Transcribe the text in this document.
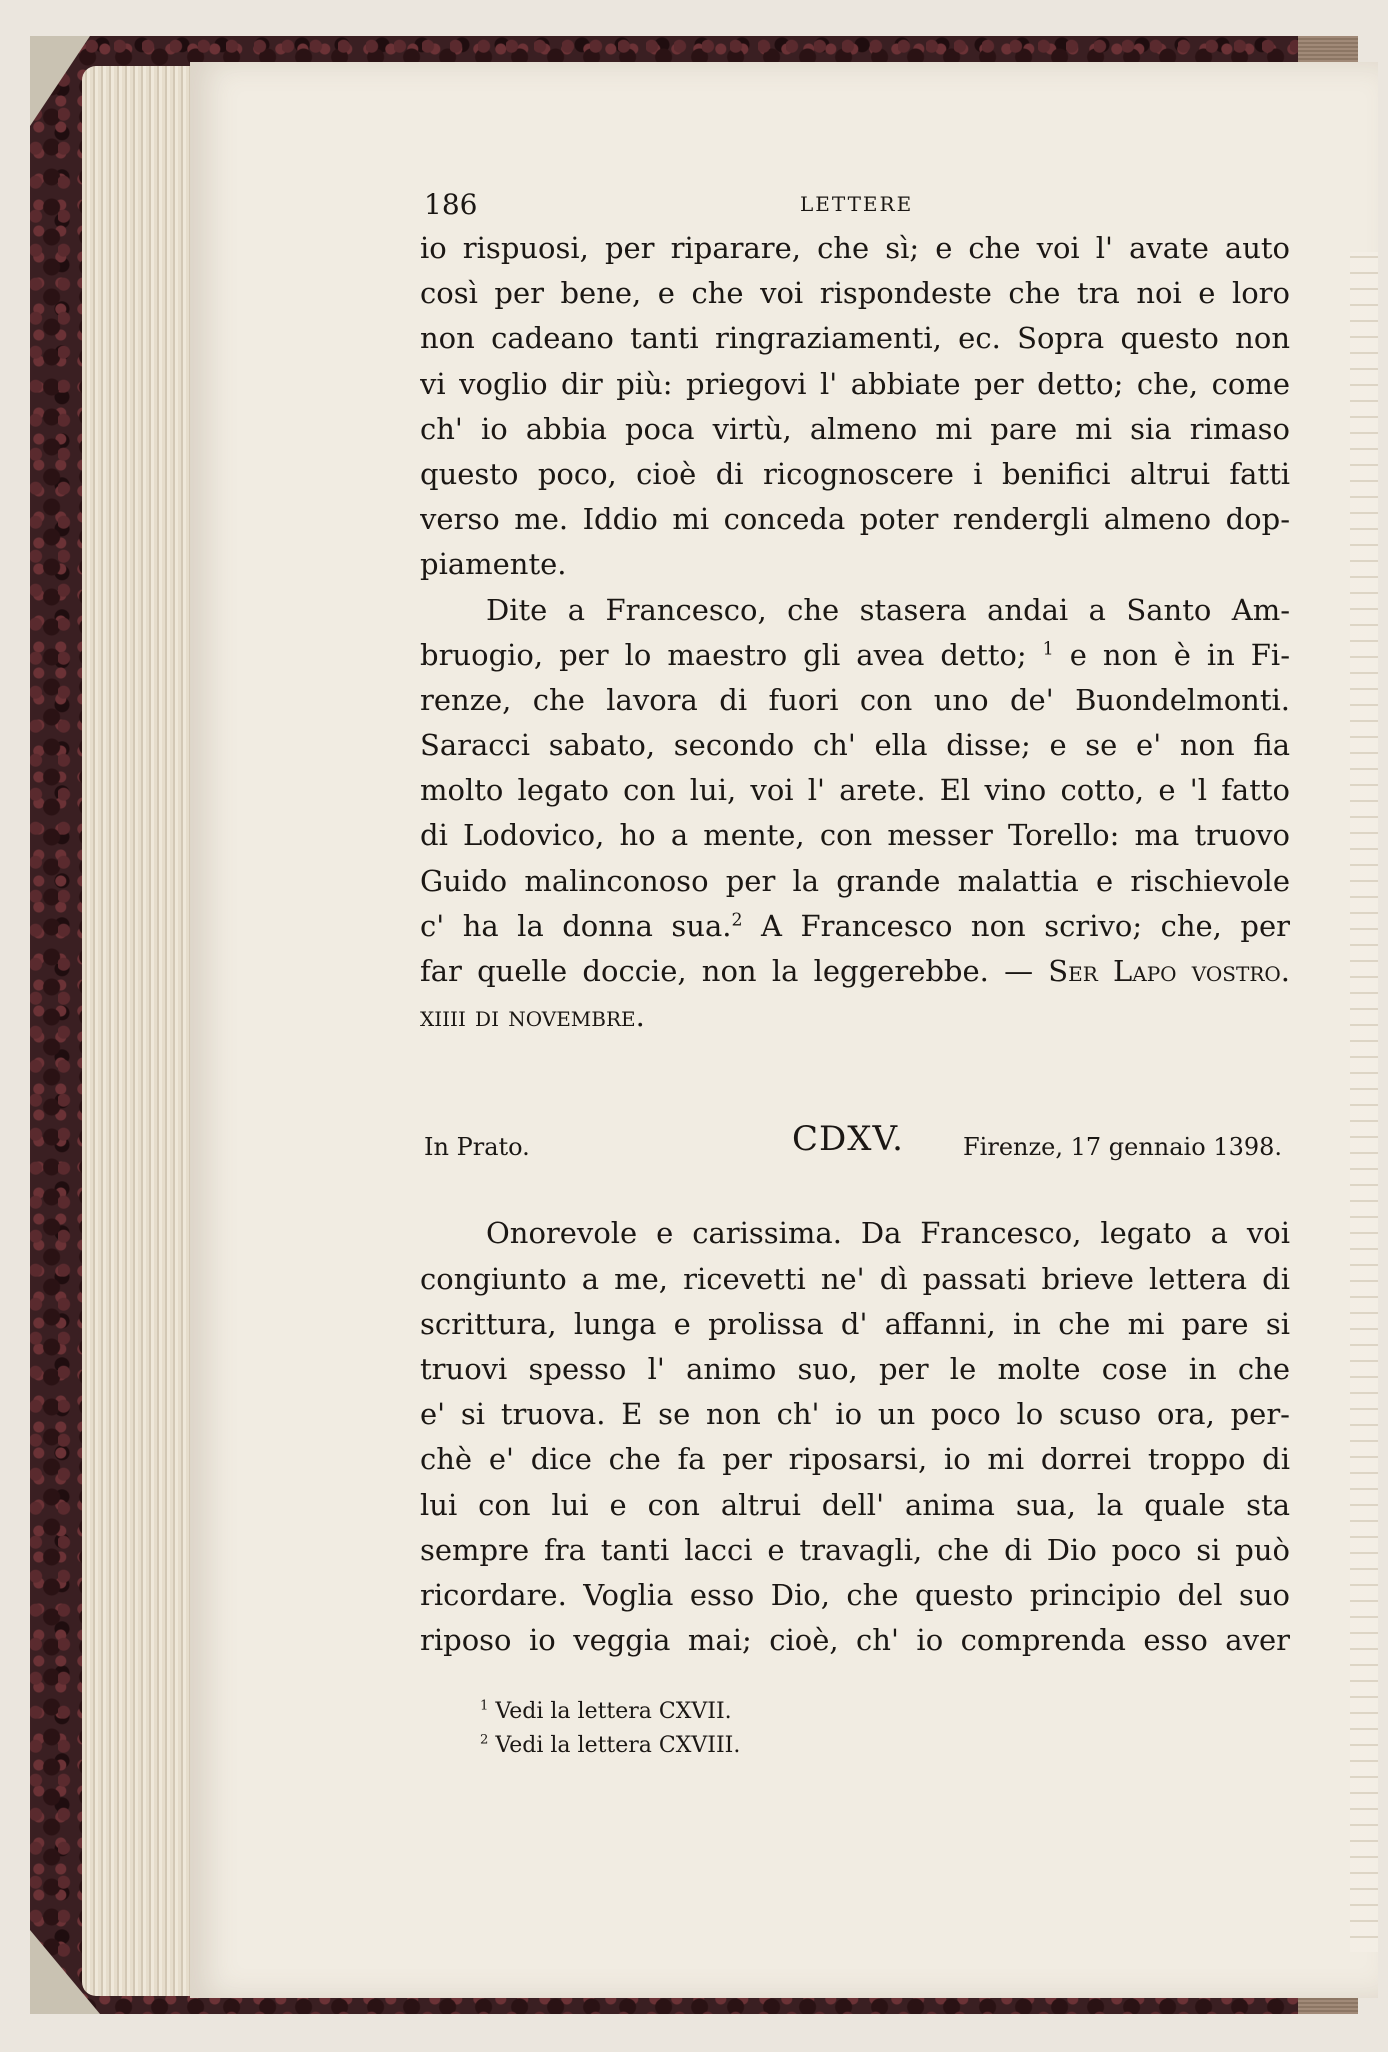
186	LETTERE
io rispuosi, per riparare, che sì; e che voi l' avate auto
così per bene, e che voi rispondeste che tra noi e loro
non cadeano tanti ringraziamenti, ec. Sopra questo non
vi voglio dir più: priegovi l' abbiate per detto; che, come
ch' io abbia poca virtù, almeno mi pare mi sia rimaso
questo poco, cioè di ricognoscere i benifici altrui fatti
verso me. Iddio mi conceda poter rendergli almeno dop-
piamente.
Dite a Francesco, che stasera andai a Santo Am-
bruogio, per lo maestro gli avea detto; $^1$ e non è in Fi-
renze, che lavora di fuori con uno de' Buondelmonti.
Saracci sabato, secondo ch' ella disse; e se e' non fia
molto legato con lui, voi l' arete. El vino cotto, e 'l fatto
di Lodovico, ho a mente, con messer Torello: ma truovo
Guido malinconoso per la grande malattia e rischievole
c' ha la donna sua.$^2$ A Francesco non scrivo; che, per
far quelle doccie, non la leggerebbe. — Ser Lapo vostro.
xiiii di novembre.
In Prato.	CDXV. Firenze, 17 gennaio 1398.
Onorevole e carissima. Da Francesco, legato a voi
congiunto a me, ricevetti ne' dì passati brieve lettera di
scrittura, lunga e prolissa d' affanni, in che mi pare si
truovi spesso l' animo suo, per le molte cose in che
e' si truova. E se non ch' io un poco lo scuso ora, per-
chè e' dice che fa per riposarsi, io mi dorrei troppo di
lui con lui e con altrui dell' anima sua, la quale sta
sempre fra tanti lacci e travagli, che di Dio poco si può
ricordare. Voglia esso Dio, che questo principio del suo
riposo io veggia mai; cioè, ch' io comprenda esso aver
$^1$ Vedi la lettera CXVII.
$^2$ Vedi la lettera CXVIII.
